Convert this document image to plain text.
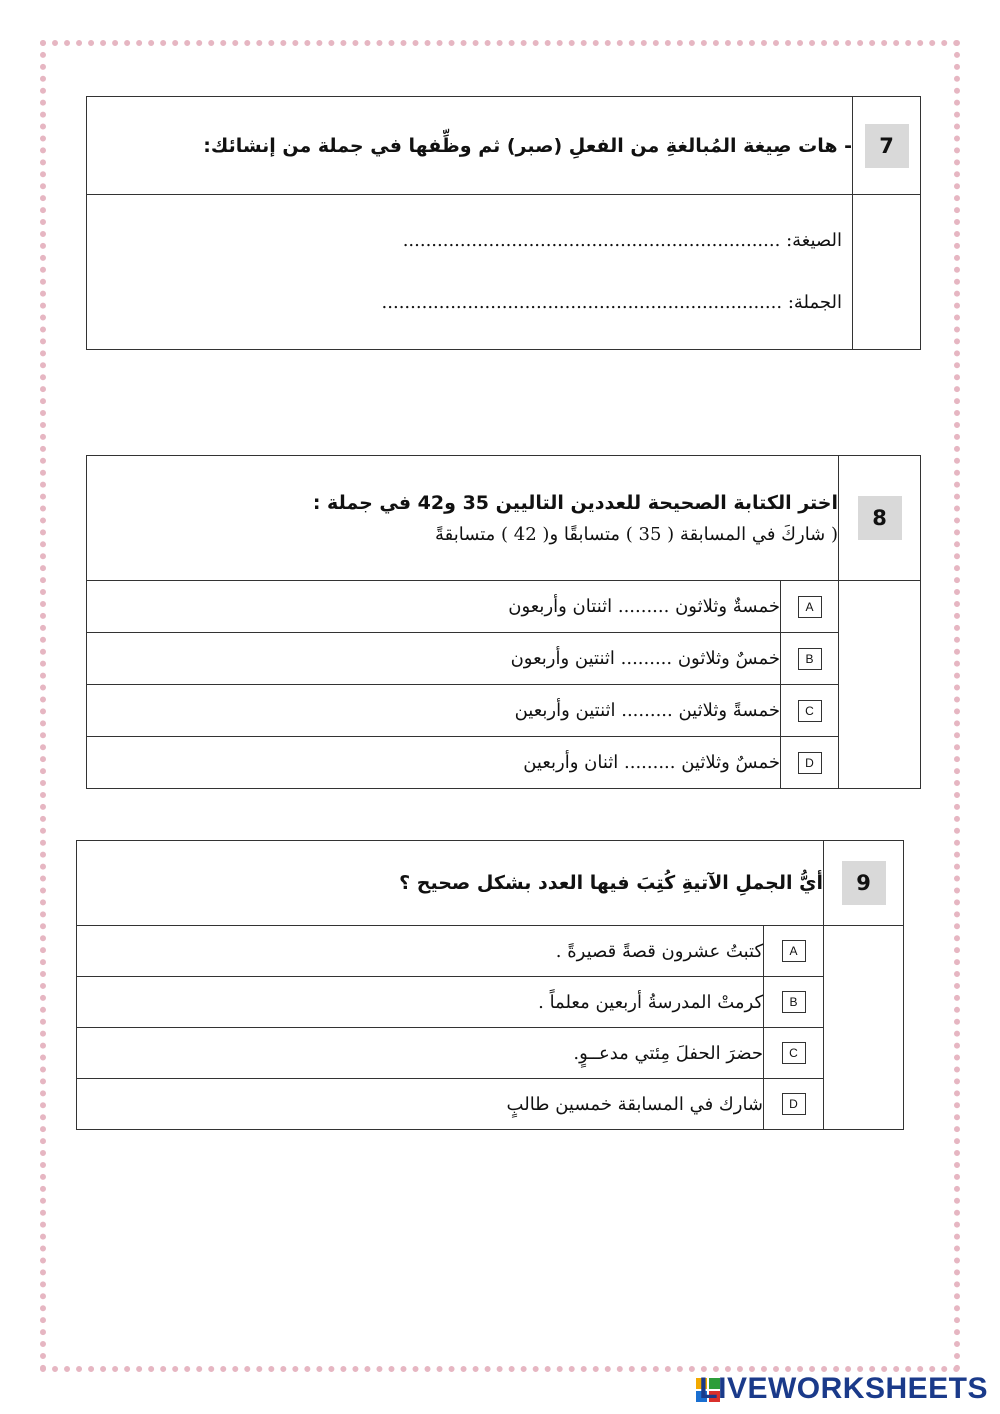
7	- هات صِيغة المُبالغةِ من الفعلِ (صبر) ثم وظِّفها في جملة من إنشائك:

	الصيغة: ..................................................................
الجملة: ......................................................................
8	اختر الكتابة الصحيحة للعددين التاليين 35 و42 في جملة :
( شاركَ في المسابقة ( 35 ) متسابقًا و( 42 ) متسابقةً	

	A	خمسةٌ وثلاثون ......... اثنتان وأربعون

	B	خمسٌ وثلاثون ......... اثنتين وأربعون

	C	خمسةً وثلاثين ......... اثنتين وأربعين

	D	خمسٌ وثلاثين ......... اثنان وأربعين
9	أيُّ الجملِ الآتيةِ كُتِبَ فيها العدد بشكل صحيح ؟	

	A	كتبتُ عشرون قصةً قصيرةً .

	B	كرمتْ المدرسةُ أربعين معلماً .

	C	حضرَ الحفلَ مِئتي مدعــوٍ.

	D	شارك في المسابقة خمسين طالبٍ
LIVEWORKSHEETS
